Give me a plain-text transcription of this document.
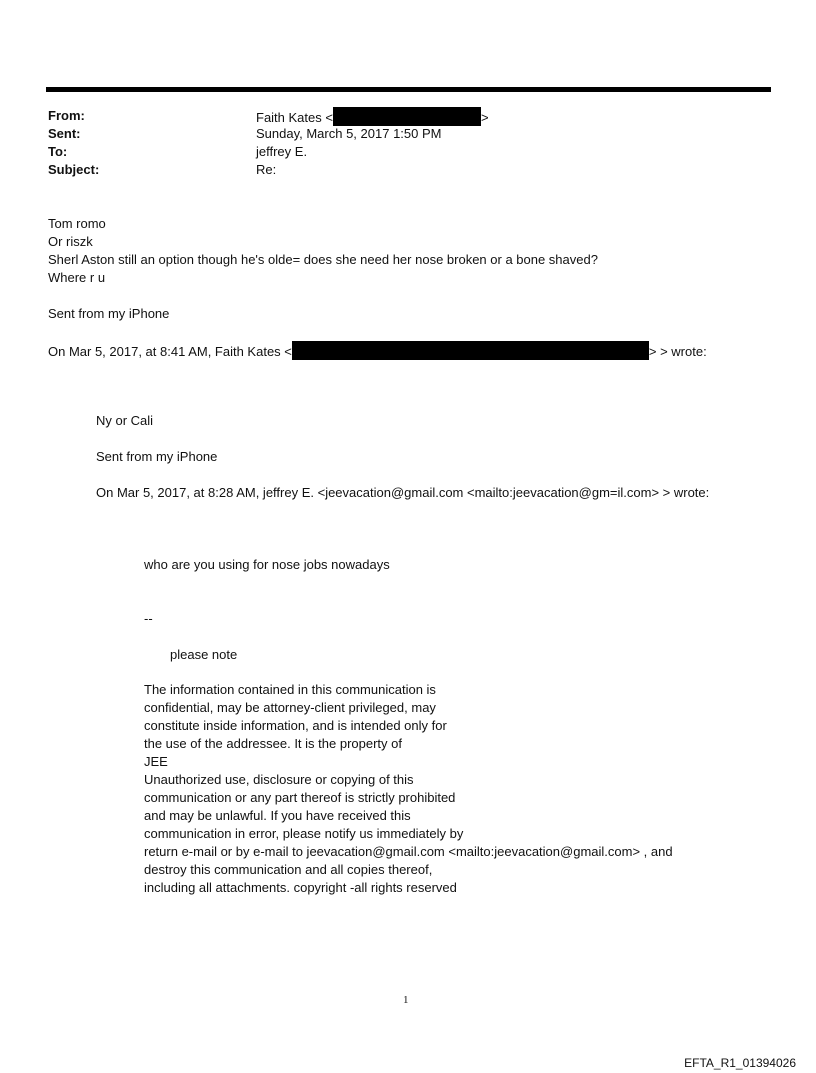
From:	Faith Kates <	>
Sent:	Sunday, March 5, 2017 1:50 PM
To:	jeffrey E.
Subject:	Re:
Tom romo
Or riszk
Sherl Aston still an option though he's olde= does she need her nose broken or a bone shaved?
Where r u
Sent from my iPhone
On Mar 5, 2017, at 8:41 AM, Faith Kates <	> > wrote:
Ny or Cali
Sent from my iPhone
On Mar 5, 2017, at 8:28 AM, jeffrey E. <jeevacation@gmail.com <mailto:jeevacation@gm=il.com> > wrote:
who are you using for nose jobs nowadays
--
please note
The information contained in this communication is
confidential, may be attorney-client privileged, may
constitute inside information, and is intended only for
the use of the addressee. It is the property of
JEE
Unauthorized use, disclosure or copying of this
communication or any part thereof is strictly prohibited
and may be unlawful. If you have received this
communication in error, please notify us immediately by
return e-mail or by e-mail to jeevacation@gmail.com <mailto:jeevacation@gmail.com> , and
destroy this communication and all copies thereof,
including all attachments. copyright -all rights reserved
1
EFTA_R1_01394026
